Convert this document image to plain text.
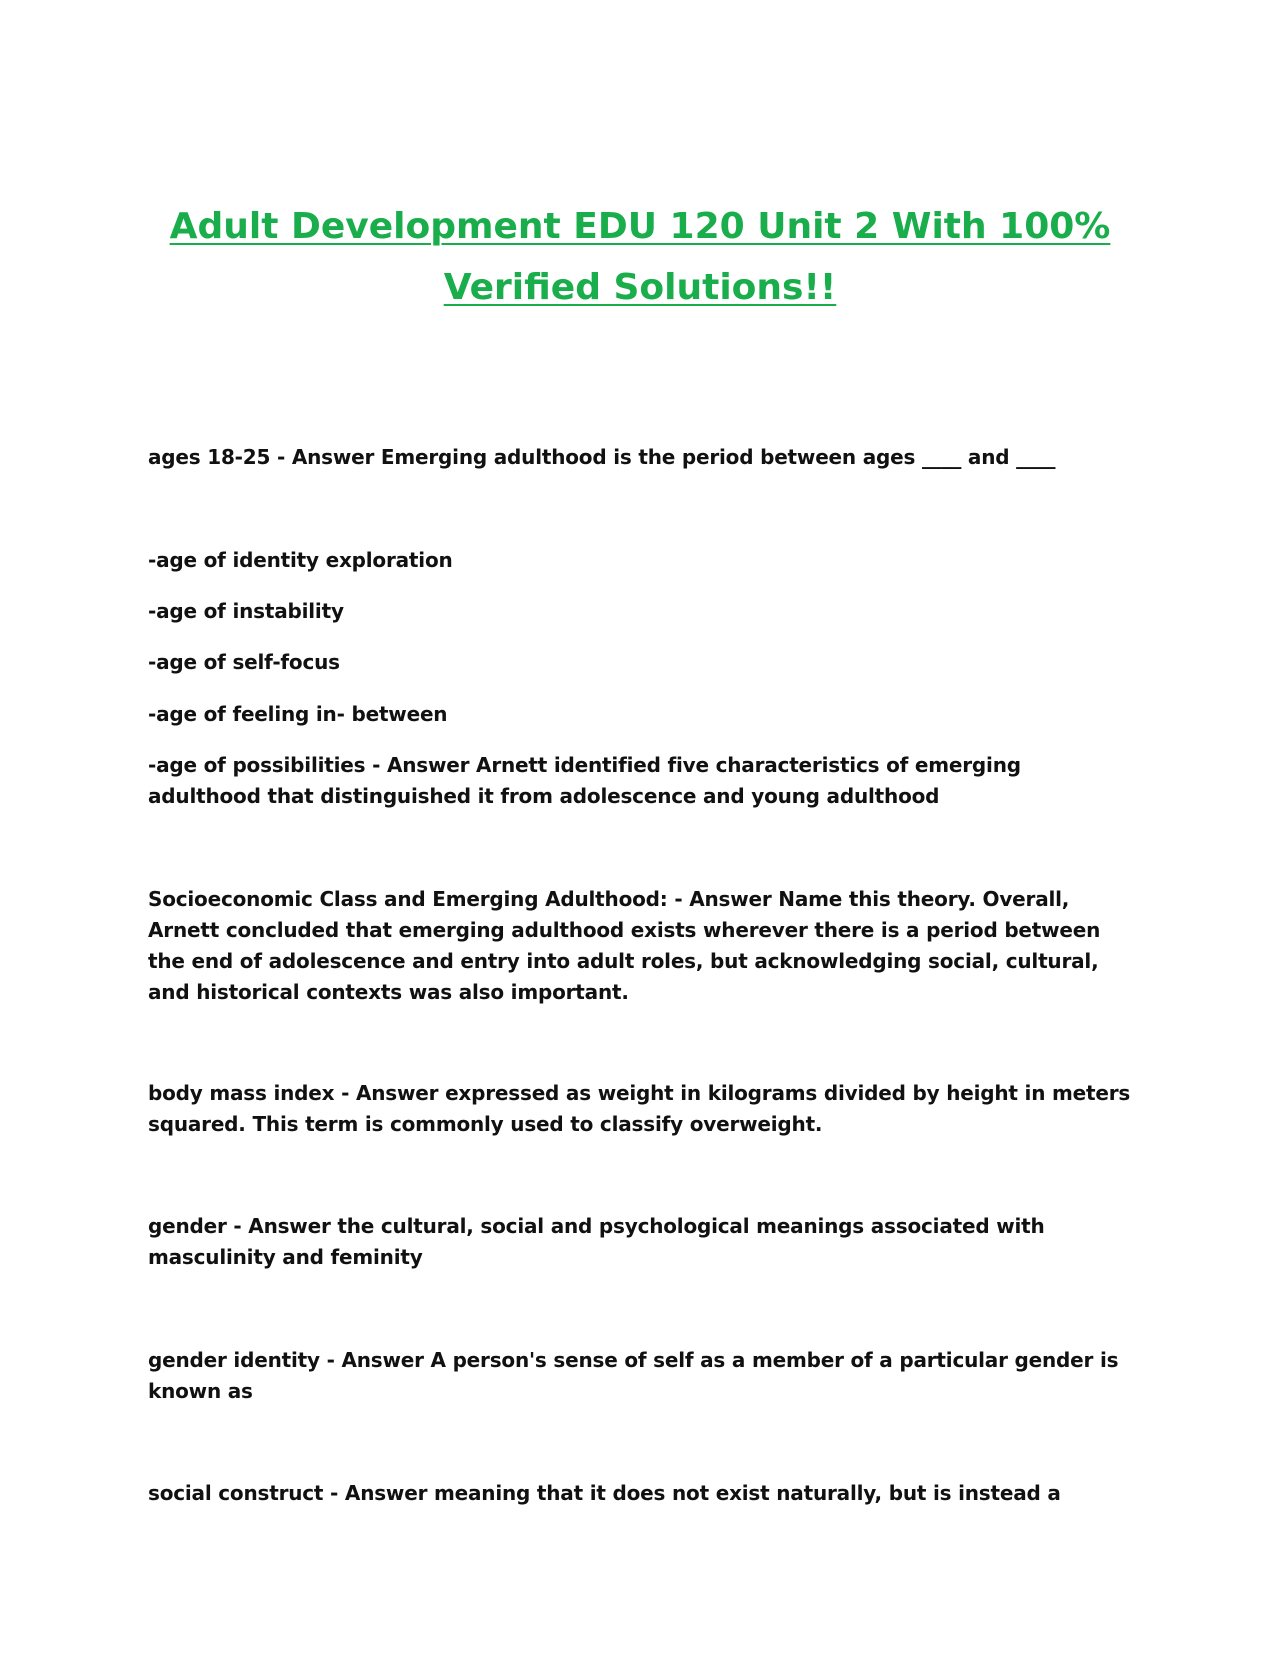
Adult Development EDU 120 Unit 2 With 100%
Verified Solutions!!

ages 18-25 - Answer Emerging adulthood is the period between ages ____ and ____

-age of identity exploration

-age of instability

-age of self-focus

-age of feeling in- between

-age of possibilities - Answer Arnett identified five characteristics of emerging adulthood that distinguished it from adolescence and young adulthood

Socioeconomic Class and Emerging Adulthood: - Answer Name this theory. Overall, Arnett concluded that emerging adulthood exists wherever there is a period between the end of adolescence and entry into adult roles, but acknowledging social, cultural, and historical contexts was also important.

body mass index - Answer expressed as weight in kilograms divided by height in meters squared. This term is commonly used to classify overweight.

gender - Answer the cultural, social and psychological meanings associated with masculinity and feminity

gender identity - Answer A person's sense of self as a member of a particular gender is known as

social construct - Answer meaning that it does not exist naturally, but is instead a
